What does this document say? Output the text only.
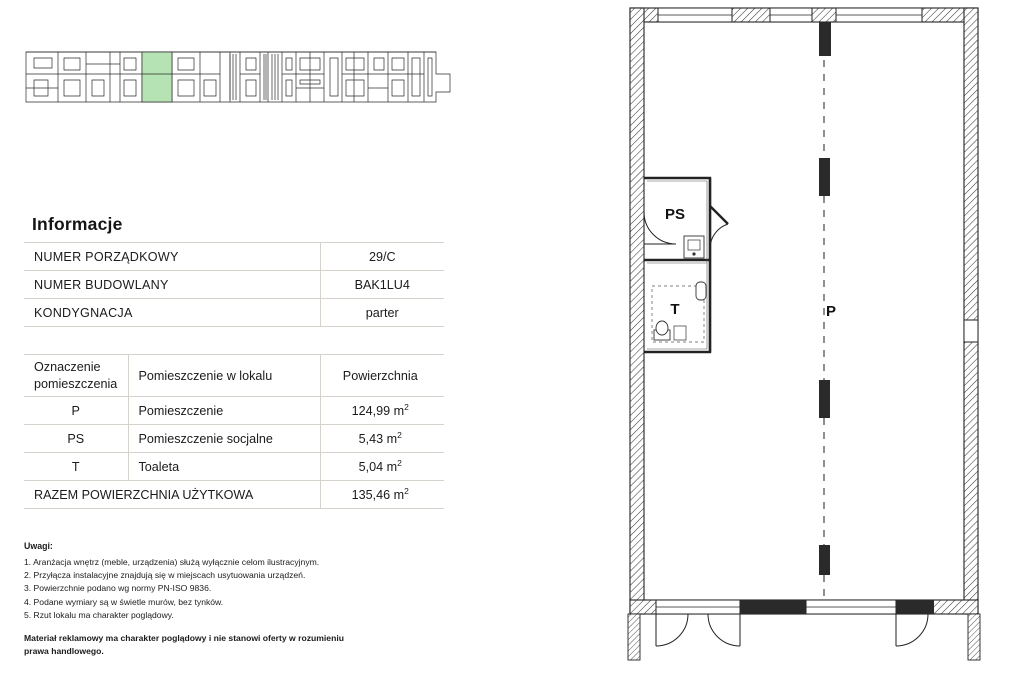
Informacje
NUMER PORZĄDKOWY	29/C
NUMER BUDOWLANY	BAK1LU4
KONDYGNACJA	parter
Oznaczenie
pomieszczenia	Pomieszczenie w lokalu	Powierzchnia
P	Pomieszczenie	124,99 $m^2$
PS	Pomieszczenie socjalne	5,43 $m^2$
T	Toaleta	5,04 $m^2$
RAZEM POWIERZCHNIA UŻYTKOWA		135,46 $m^2$
Uwagi:
1. Aranżacja wnętrz (meble, urządzenia) służą wyłącznie celom ilustracyjnym.
2. Przyłącza instalacyjne znajdują się w miejscach usytuowania urządzeń.
3. Powierzchnie podano wg normy PN-ISO 9836.
4. Podane wymiary są w świetle murów, bez tynków.
5. Rzut lokalu ma charakter poglądowy.
Materiał reklamowy ma charakter poglądowy i nie stanowi oferty w rozumieniu
prawa handlowego.
PS
T	P
